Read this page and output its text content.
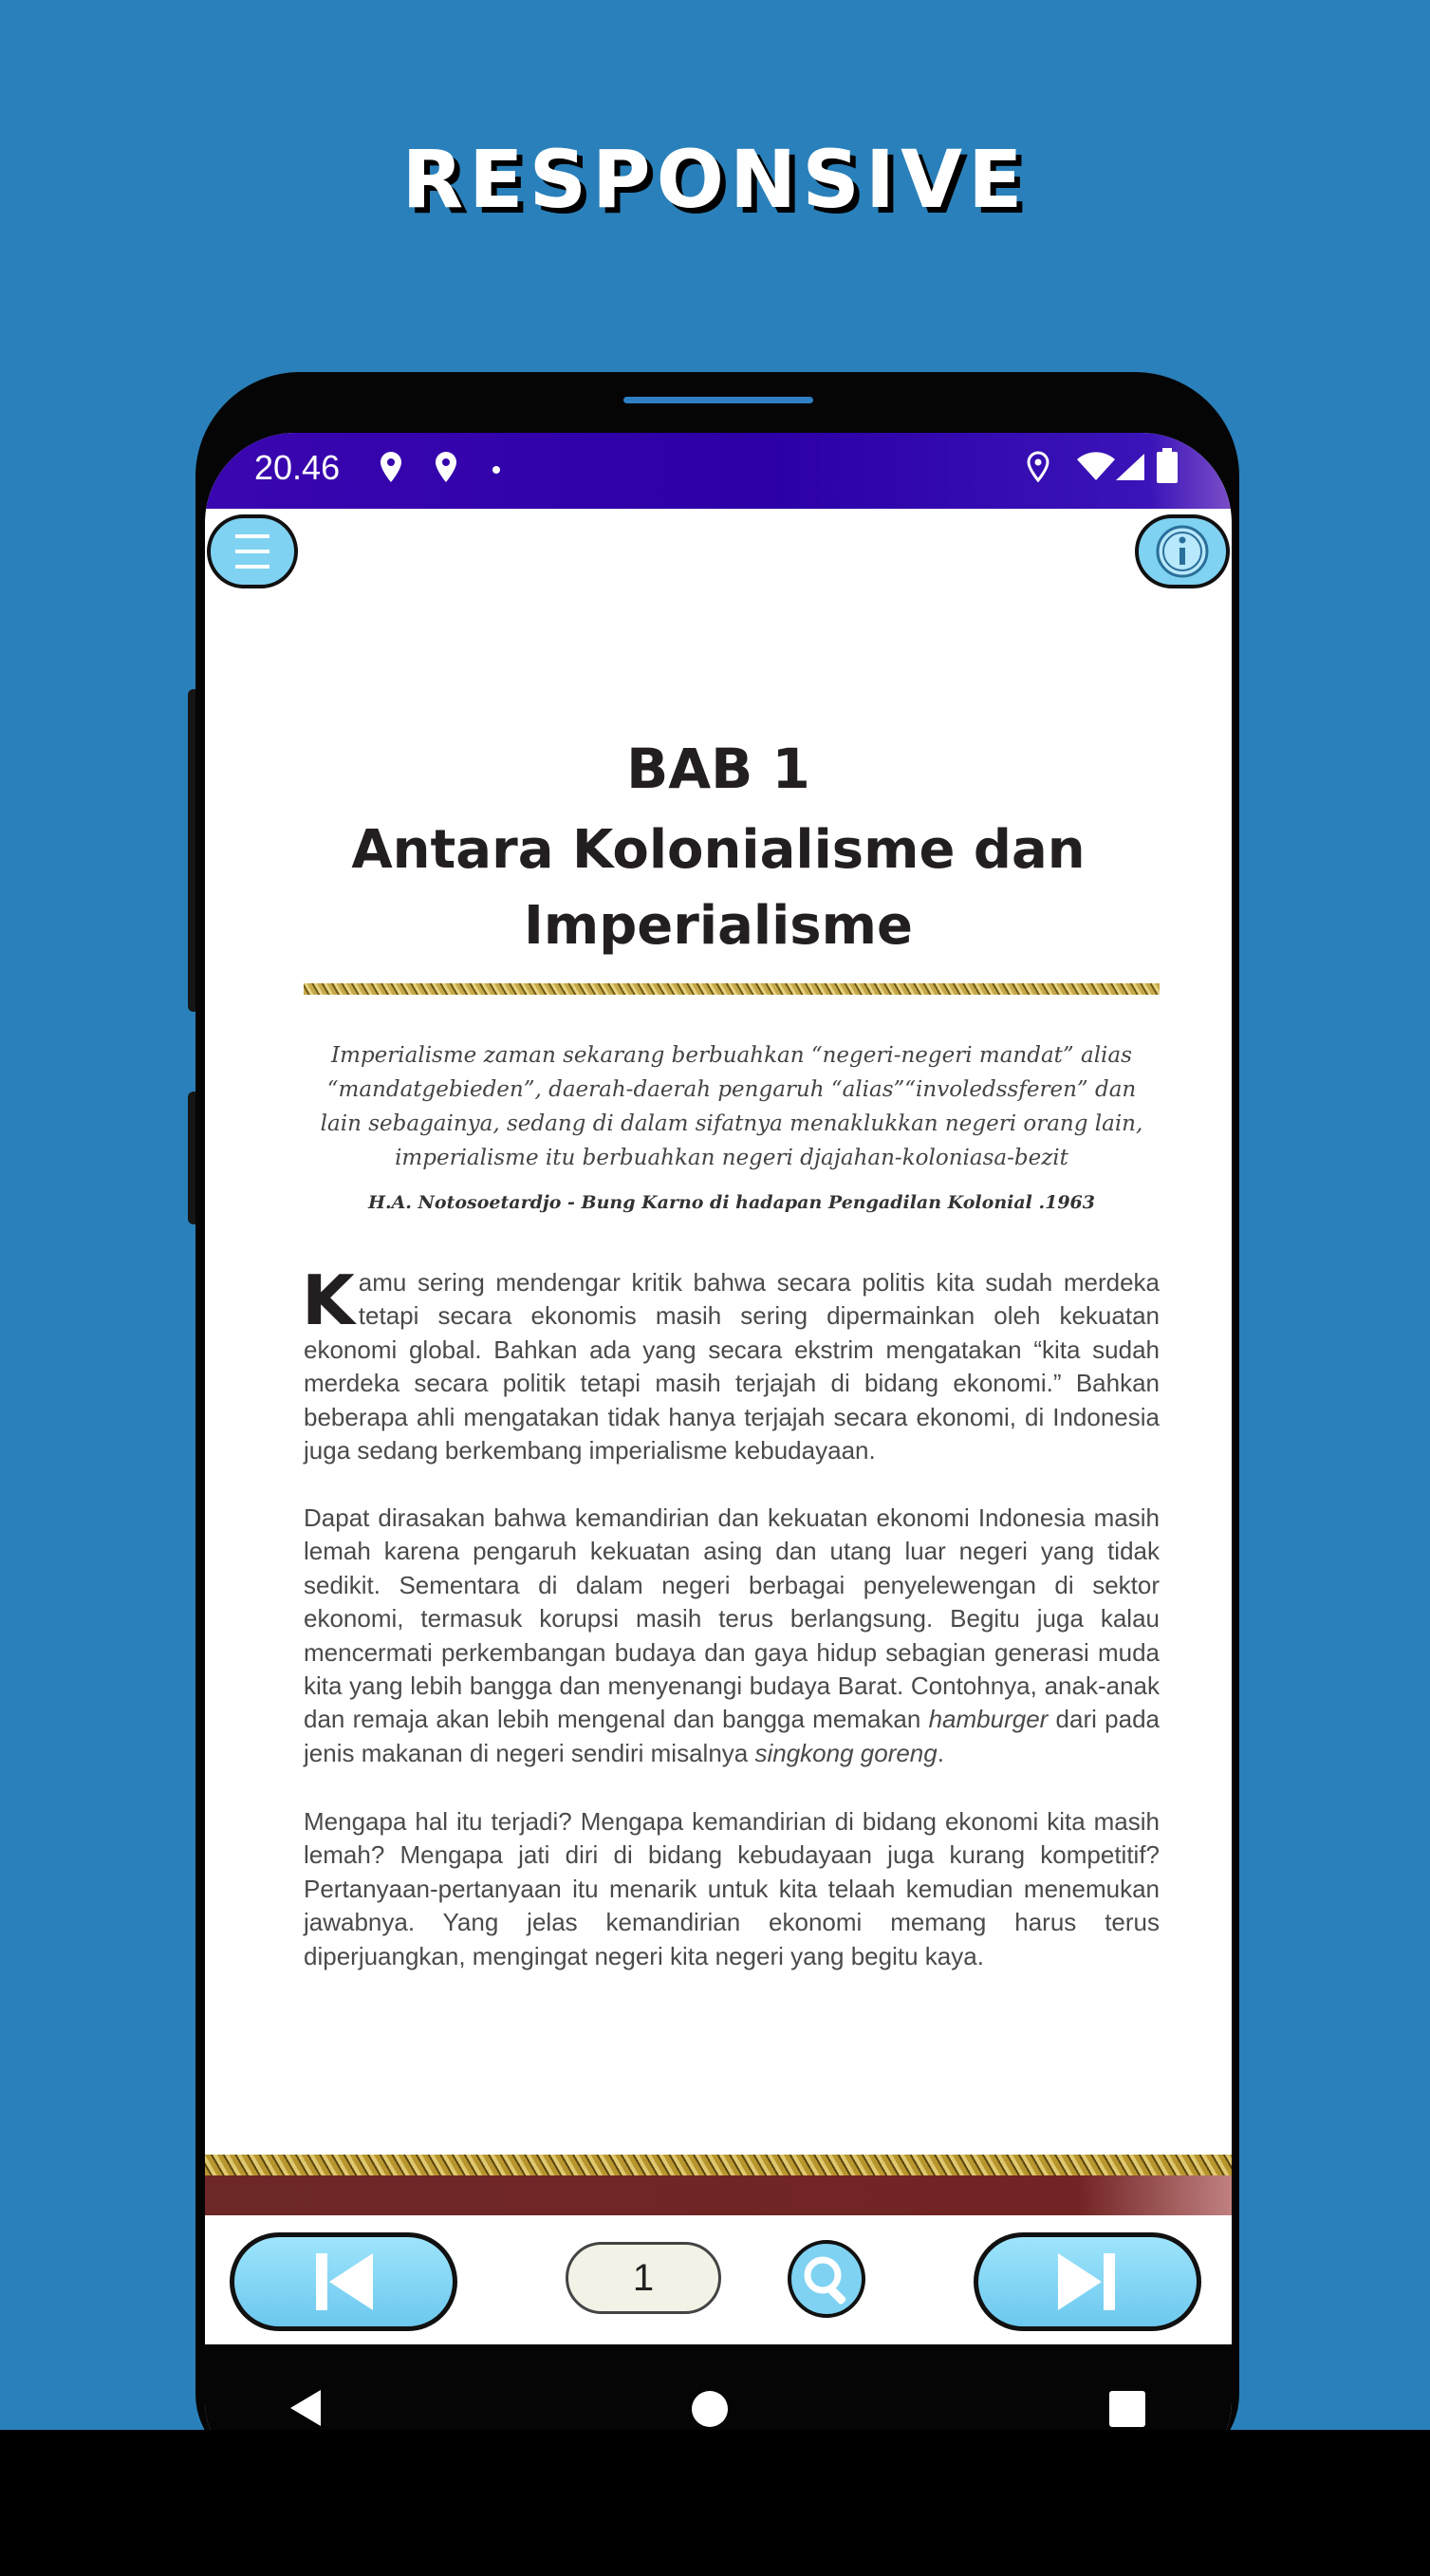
RESPONSIVE
20.46
BAB 1
Antara Kolonialisme dan
Imperialisme
Imperialisme zaman sekarang berbuahkan “negeri-negeri mandat” alias “mandatgebieden”, daerah-daerah pengaruh “alias”“involedssferen” dan lain sebagainya, sedang di dalam sifatnya menaklukkan negeri orang lain, imperialisme itu berbuahkan negeri djajahan-koloniasa-bezit
H.A. Notosoetardjo - Bung Karno di hadapan Pengadilan Kolonial .1963

Kamu sering mendengar kritik bahwa secara politis kita sudah merdeka tetapi secara ekonomis masih sering dipermainkan oleh kekuatan ekonomi global. Bahkan ada yang secara ekstrim mengatakan “kita sudah merdeka secara politik tetapi masih terjajah di bidang ekonomi.” Bahkan beberapa ahli mengatakan tidak hanya terjajah secara ekonomi, di Indonesia juga sedang berkembang imperialisme kebudayaan.

Dapat dirasakan bahwa kemandirian dan kekuatan ekonomi Indonesia masih lemah karena pengaruh kekuatan asing dan utang luar negeri yang tidak sedikit. Sementara di dalam negeri berbagai penyelewengan di sektor ekonomi, termasuk korupsi masih terus berlangsung. Begitu juga kalau mencermati perkembangan budaya dan gaya hidup sebagian generasi muda kita yang lebih bangga dan menyenangi budaya Barat. Contohnya, anak-anak dan remaja akan lebih mengenal dan bangga memakan hamburger dari pada jenis makanan di negeri sendiri misalnya singkong goreng.

Mengapa hal itu terjadi? Mengapa kemandirian di bidang ekonomi kita masih lemah? Mengapa jati diri di bidang kebudayaan juga kurang kompetitif? Pertanyaan-pertanyaan itu menarik untuk kita telaah kemudian menemukan jawabnya. Yang jelas kemandirian ekonomi memang harus terus diperjuangkan, mengingat negeri kita negeri yang begitu kaya.

1
